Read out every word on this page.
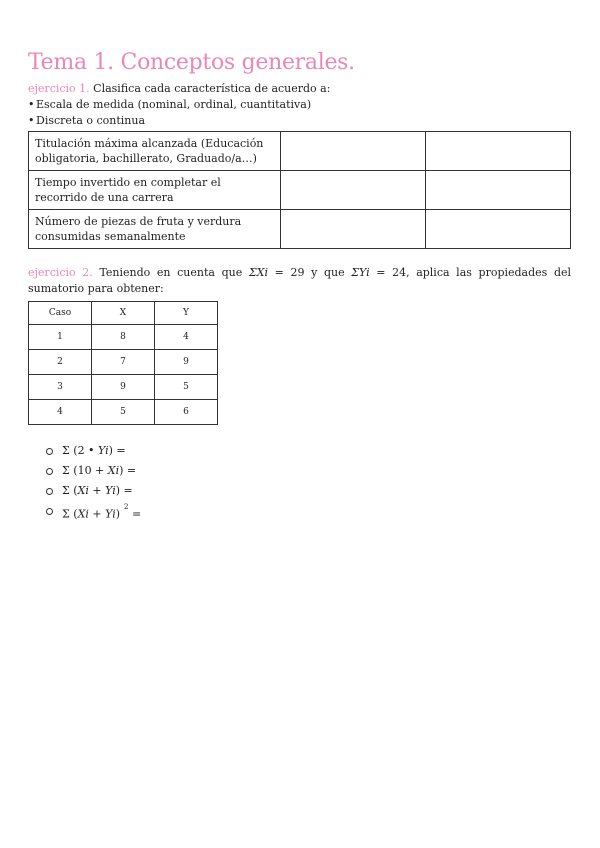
Tema 1. Conceptos generales.
ejercicio 1. Clasifica cada característica de acuerdo a:
• Escala de medida (nominal, ordinal, cuantitativa)
• Discreta o continua
Titulación máxima alcanzada (Educación obligatoria, bachillerato, Graduado/a…)		
Tiempo invertido en completar el recorrido de una carrera		
Número de piezas de fruta y verdura consumidas semanalmente		
ejercicio 2. Teniendo en cuenta que ΣXi = 29 y que ΣYi = 24, aplica las propiedades del sumatorio para obtener:
Caso	X	Y
1	8	4
2	7	9
3	9	5
4	5	6
Σ (2 • Yi) =
Σ (10 + Xi) =
Σ (Xi + Yi) =
Σ $(Xi + Yi)^2$ =
